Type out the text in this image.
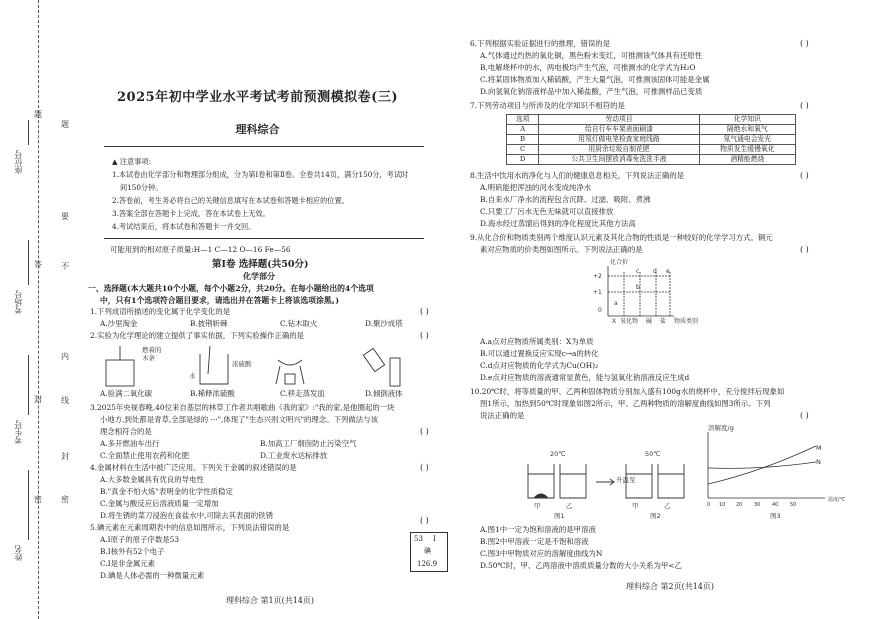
题
答
封
密
题
要
不
内
线
封
密
座位号
考场号
考生号
姓名
2025年初中学业水平考试考前预测模拟卷(三)
理科综合
▲ 注意事项:
1.本试卷由化学部分和物理部分组成，分为第Ⅰ卷和第Ⅱ卷。全卷共14页，满分150分，考试时
间150分钟。
2.答卷前，考生务必将自己的关键信息填写在本试卷和答题卡相应的位置。
3.答案全部在答题卡上完成，答在本试卷上无效。
4.考试结束后，将本试卷和答题卡一并交回。
可能用到的相对原子质量:H—1 C—12 O—16 Fe—56
第Ⅰ卷 选择题(共50分)
化学部分
一、选择题(本大题共10个小题，每个小题2分，共20分。在每小题给出的4个选项
中，只有1个选项符合题目要求，请选出并在答题卡上将该选项涂黑。)
1.下列成语所描述的变化属于化学变化的是	( )
A.沙里淘金	B.披荆斩棘	C.钻木取火	D.聚沙成塔
2.实验为化学理论的建立提供了事实依据，下列实验操作正确的是	( )
燃着的
木条
水
浓硫酸
A.验满二氧化碳	B.稀释浓硫酸	C.移走蒸发皿	D.倾倒液体
3.2025年央视春晚,40位来自基层的林草工作者共唱歌曲《我的家》:"我的家,是他圈起的一块
小地方,到处都是青草,全部是绿的 ···",体现了"生态兴则文明兴"的理念。下列做法与该
理念相符合的是	( )
A.多开燃油车出行	B.加高工厂烟囱防止污染空气
C.全面禁止使用农药和化肥	D.工业废水达标排放
4.金属材料在生活中被广泛应用。下列关于金属的叙述错误的是	( )
A.大多数金属具有优良的导电性
B."真金不怕火炼"表明金的化学性质稳定
C.金属与酸反应后溶液质量一定增加
D.将生锈的菜刀浸泡在食盐水中,可除去其表面的铁锈
5.碘元素在元素周期表中的信息如图所示，下列说法错误的是
( )
A.Ⅰ原子的原子序数是53
B.Ⅰ核外有52个电子
C.Ⅰ是非金属元素
D.碘是人体必需的一种微量元素
53 I
碘
126.9
理科综合 第1页(共14页)
6.下列根据实验证据进行的推理，错误的是	( )
A.气体通过灼热的氧化铜，黑色粉末变红，可推测该气体具有还原性
B.电解烧杯中的水，两电极均产生气泡，可推测水的化学式为H₂O
C.将某固体物质加入稀硫酸，产生大量气泡，可推测该固体可能是金属
D.向氢氧化钠溶液样品中加入稀盐酸，产生气泡，可推测样品已变质
7.下列劳动项目与所涉及的化学知识不相符的是	( )
选项	劳动项目	化学知识
A	给自行车车架表面刷漆	隔绝水和氧气
B	用氖灯做电笔检查家庭线路	氖气通电会发光
C	用厨余垃圾自制花肥	物质发生缓慢氧化
D	公共卫生间摆放消毒免洗洗手液	酒精能燃烧
8.生活中饮用水的净化与人们的健康息息相关。下列说法正确的是	( )
A.明矾能把浑浊的河水变成纯净水
B.自来水厂净水的流程包含沉降、过滤、吸附、煮沸
C.只要工厂污水无色无味就可以直接排放
D.海水经过蒸馏后得到的净化程度比其他方法高
9.从化合价和物质类别两个维度认识元素及其化合物的性质是一种较好的化学学习方式。铜元
素对应物质的价类图如图所示。下列说法正确的是	( )
化合价
+2
+1
0
X 氧化物 碱 盐 物质类别
a
b
c d e
A.a点对应物质所属类别：X为单质
B.可以通过置换反应实现c→a的转化
C.d点对应物质的化学式为Cu(OH)₂
D.e点对应物质的溶液通常显黄色，能与氢氧化钠溶液反应生成d
10.20℃时，将等质量的甲、乙两种固体物质分别加入盛有100g水的烧杯中，充分搅拌后现象如
图1所示，加热到50℃时现象如图2所示，甲、乙两种物质的溶解度曲线如图3所示。下列
说法正确的是	( )
20℃	50℃
升温至
甲	乙	甲	乙
图1	图2	图3
溶解度/g
温度/℃
M
N
0 10 20 30 40 50
A.图1中一定为饱和溶液的是甲溶液
B.图2中甲溶液一定是不饱和溶液
C.图3中甲物质对应的溶解度曲线为N
D.50℃时，甲、乙两溶液中溶质质量分数的大小关系为甲<乙
理科综合 第2页(共14页)
